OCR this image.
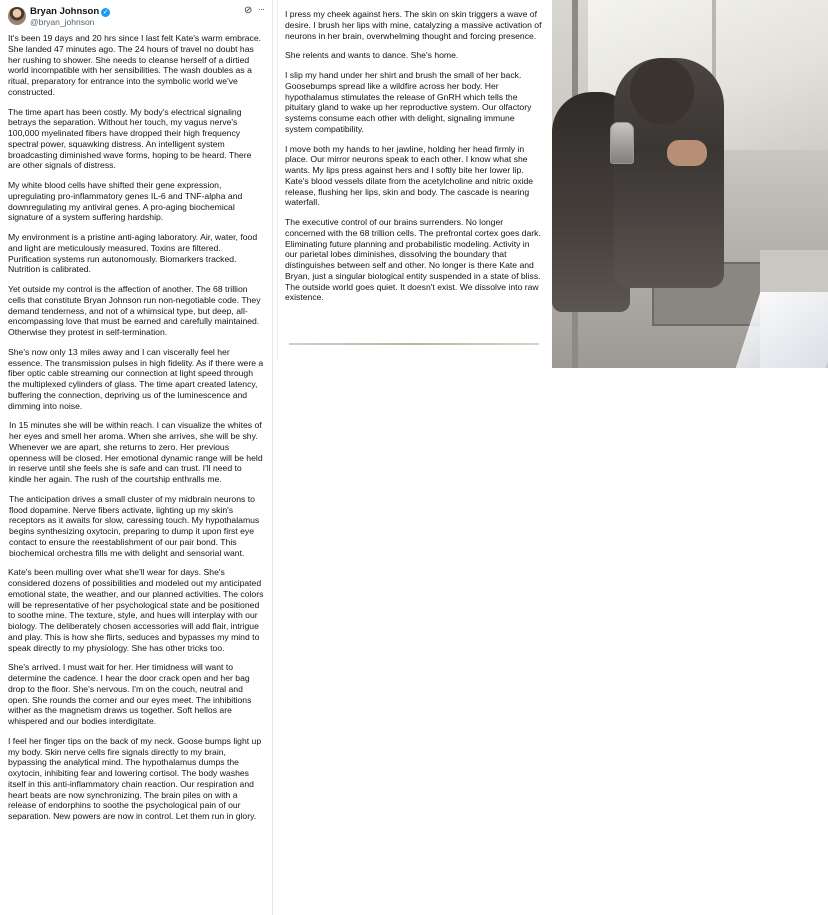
Bryan Johnson ✓
@bryan_johnson
⊘ ···

It's been 19 days and 20 hrs since I last felt Kate's warm embrace. She landed 47 minutes ago. The 24 hours of travel no doubt has her rushing to shower. She needs to cleanse herself of a dirtied world incompatible with her sensibilities. The wash doubles as a ritual, preparatory for entrance into the symbolic world we've constructed.

The time apart has been costly. My body's electrical signaling betrays the separation. Without her touch, my vagus nerve's 100,000 myelinated fibers have dropped their high frequency spectral power, squawking distress. An intelligent system broadcasting diminished wave forms, hoping to be heard. There are other signals of distress.

My white blood cells have shifted their gene expression, upregulating pro-inflammatory genes IL-6 and TNF-alpha and downregulating my antiviral genes. A pro-aging biochemical signature of a system suffering hardship.

My environment is a pristine anti-aging laboratory. Air, water, food and light are meticulously measured. Toxins are filtered. Purification systems run autonomously. Biomarkers tracked. Nutrition is calibrated.

Yet outside my control is the affection of another. The 68 trillion cells that constitute Bryan Johnson run non-negotiable code. They demand tenderness, and not of a whimsical type, but deep, all-encompassing love that must be earned and carefully maintained. Otherwise they protest in self-termination.

She's now only 13 miles away and I can viscerally feel her essence. The transmission pulses in high fidelity. As if there were a fiber optic cable streaming our connection at light speed through the multiplexed cylinders of glass. The time apart created latency, buffering the connection, depriving us of the luminescence and dimming into noise.

In 15 minutes she will be within reach. I can visualize the whites of her eyes and smell her aroma. When she arrives, she will be shy. Whenever we are apart, she returns to zero. Her previous openness will be closed. Her emotional dynamic range will be held in reserve until she feels she is safe and can trust. I'll need to kindle her again. The rush of the courtship enthralls me.

The anticipation drives a small cluster of my midbrain neurons to flood dopamine. Nerve fibers activate, lighting up my skin's receptors as it awaits for slow, caressing touch. My hypothalamus begins synthesizing oxytocin, preparing to dump it upon first eye contact to ensure the reestablishment of our pair bond. This biochemical orchestra fills me with delight and sensorial want.

Kate's been mulling over what she'll wear for days. She's considered dozens of possibilities and modeled out my anticipated emotional state, the weather, and our planned activities. The colors will be representative of her psychological state and be positioned to soothe mine. The texture, style, and hues will interplay with our biology. The deliberately chosen accessories will add flair, intrigue and play. This is how she flirts, seduces and bypasses my mind to speak directly to my physiology. She has other tricks too.

She's arrived. I must wait for her. Her timidness will want to determine the cadence. I hear the door crack open and her bag drop to the floor. She's nervous. I'm on the couch, neutral and open. She rounds the corner and our eyes meet. The inhibitions wither as the magnetism draws us together. Soft hellos are whispered and our bodies interdigitate.

I feel her finger tips on the back of my neck. Goose bumps light up my body. Skin nerve cells fire signals directly to my brain, bypassing the analytical mind. The hypothalamus dumps the oxytocin, inhibiting fear and lowering cortisol. The body washes itself in this anti-inflammatory chain reaction. Our respiration and heart beats are now synchronizing. The brain piles on with a release of endorphins to soothe the psychological pain of our separation. New powers are now in control. Let them run in glory.

I press my cheek against hers. The skin on skin triggers a wave of desire. I brush her lips with mine, catalyzing a massive activation of neurons in her brain, overwhelming thought and forcing presence.

She relents and wants to dance. She's home.

I slip my hand under her shirt and brush the small of her back. Goosebumps spread like a wildfire across her body. Her hypothalamus stimulates the release of GnRH which tells the pituitary gland to wake up her reproductive system. Our olfactory systems consume each other with delight, signaling immune system compatibility.

I move both my hands to her jawline, holding her head firmly in place. Our mirror neurons speak to each other. I know what she wants. My lips press against hers and I softly bite her lower lip. Kate's blood vessels dilate from the acetylcholine and nitric oxide release, flushing her lips, skin and body. The cascade is nearing waterfall.

The executive control of our brains surrenders. No longer concerned with the 68 trillion cells. The prefrontal cortex goes dark. Eliminating future planning and probabilistic modeling. Activity in our parietal lobes diminishes, dissolving the boundary that distinguishes between self and other. No longer is there Kate and Bryan, just a singular biological entity suspended in a state of bliss. The outside world goes quiet. It doesn't exist. We dissolve into raw existence.
